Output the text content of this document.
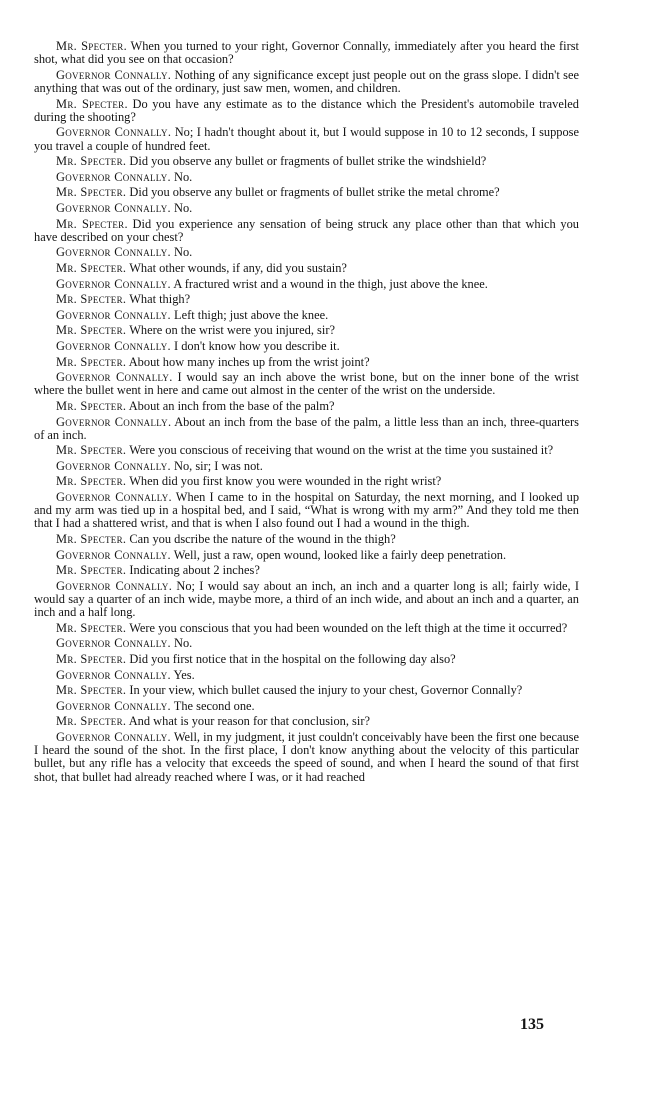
Mr. Specter. When you turned to your right, Governor Connally, immediately after you heard the first shot, what did you see on that occasion?

Governor Connally. Nothing of any significance except just people out on the grass slope. I didn't see anything that was out of the ordinary, just saw men, women, and children.

Mr. Specter. Do you have any estimate as to the distance which the President's automobile traveled during the shooting?

Governor Connally. No; I hadn't thought about it, but I would suppose in 10 to 12 seconds, I suppose you travel a couple of hundred feet.

Mr. Specter. Did you observe any bullet or fragments of bullet strike the windshield?

Governor Connally. No.

Mr. Specter. Did you observe any bullet or fragments of bullet strike the metal chrome?

Governor Connally. No.

Mr. Specter. Did you experience any sensation of being struck any place other than that which you have described on your chest?

Governor Connally. No.

Mr. Specter. What other wounds, if any, did you sustain?

Governor Connally. A fractured wrist and a wound in the thigh, just above the knee.

Mr. Specter. What thigh?

Governor Connally. Left thigh; just above the knee.

Mr. Specter. Where on the wrist were you injured, sir?

Governor Connally. I don't know how you describe it.

Mr. Specter. About how many inches up from the wrist joint?

Governor Connally. I would say an inch above the wrist bone, but on the inner bone of the wrist where the bullet went in here and came out almost in the center of the wrist on the underside.

Mr. Specter. About an inch from the base of the palm?

Governor Connally. About an inch from the base of the palm, a little less than an inch, three-quarters of an inch.

Mr. Specter. Were you conscious of receiving that wound on the wrist at the time you sustained it?

Governor Connally. No, sir; I was not.

Mr. Specter. When did you first know you were wounded in the right wrist?

Governor Connally. When I came to in the hospital on Saturday, the next morning, and I looked up and my arm was tied up in a hospital bed, and I said, “What is wrong with my arm?” And they told me then that I had a shattered wrist, and that is when I also found out I had a wound in the thigh.

Mr. Specter. Can you dscribe the nature of the wound in the thigh?

Governor Connally. Well, just a raw, open wound, looked like a fairly deep penetration.

Mr. Specter. Indicating about 2 inches?

Governor Connally. No; I would say about an inch, an inch and a quarter long is all; fairly wide, I would say a quarter of an inch wide, maybe more, a third of an inch wide, and about an inch and a quarter, an inch and a half long.

Mr. Specter. Were you conscious that you had been wounded on the left thigh at the time it occurred?

Governor Connally. No.

Mr. Specter. Did you first notice that in the hospital on the following day also?

Governor Connally. Yes.

Mr. Specter. In your view, which bullet caused the injury to your chest, Governor Connally?

Governor Connally. The second one.

Mr. Specter. And what is your reason for that conclusion, sir?

Governor Connally. Well, in my judgment, it just couldn't conceivably have been the first one because I heard the sound of the shot. In the first place, I don't know anything about the velocity of this particular bullet, but any rifle has a velocity that exceeds the speed of sound, and when I heard the sound of that first shot, that bullet had already reached where I was, or it had reached

135
